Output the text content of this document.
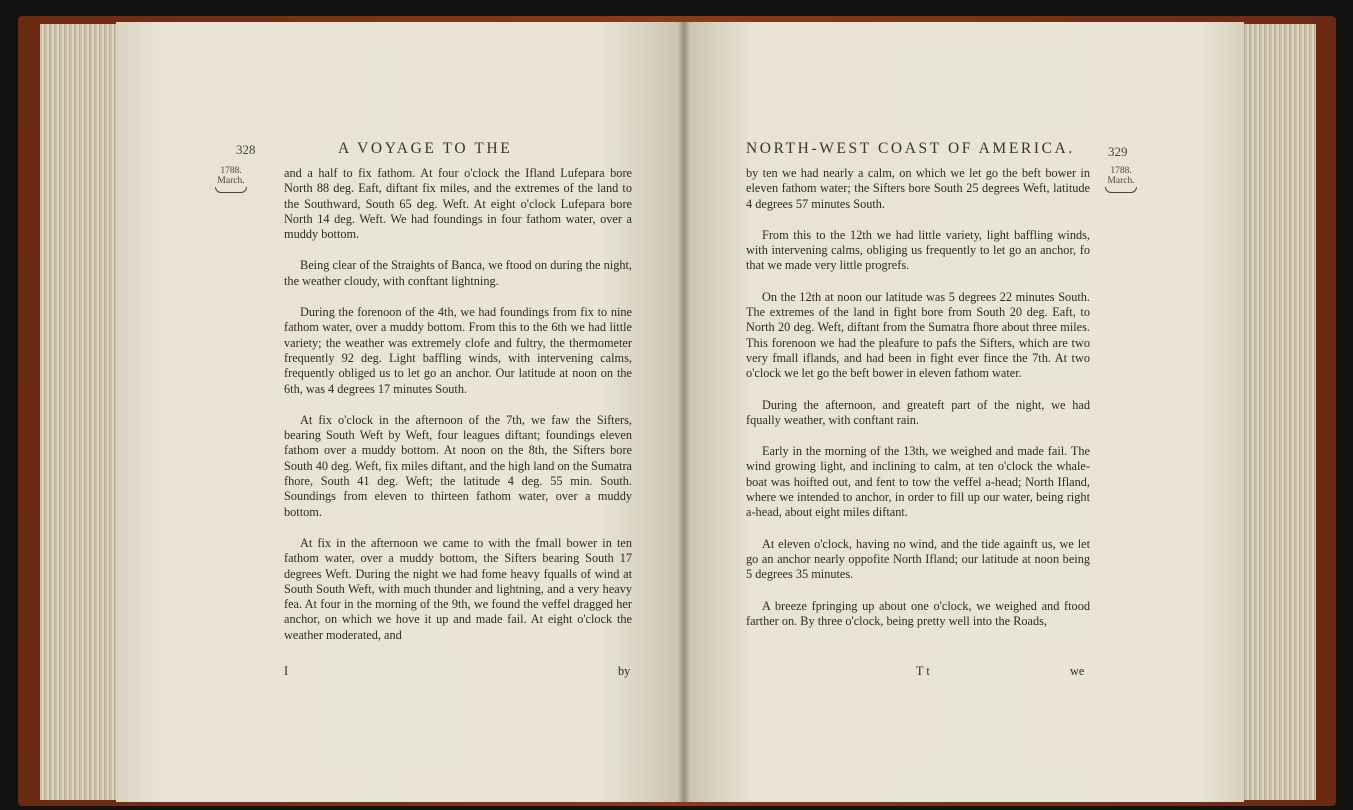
328	A VOYAGE TO THE
1788.
March.

and a half to fix fathom. At four o'clock the Ifland Lufepara bore North 88 deg. Eaft, diftant fix miles, and the extremes of the land to the Southward, South 65 deg. Weft. At eight o'clock Lufepara bore North 14 deg. Weft. We had foundings in four fathom water, over a muddy bottom.

Being clear of the Straights of Banca, we ftood on during the night, the weather cloudy, with conftant lightning.

During the forenoon of the 4th, we had foundings from fix to nine fathom water, over a muddy bottom. From this to the 6th we had little variety; the weather was extremely clofe and fultry, the thermometer frequently 92 deg. Light baffling winds, with intervening calms, frequently obliged us to let go an anchor. Our latitude at noon on the 6th, was 4 degrees 17 minutes South.

At fix o'clock in the afternoon of the 7th, we faw the Sifters, bearing South Weft by Weft, four leagues diftant; foundings eleven fathom over a muddy bottom. At noon on the 8th, the Sifters bore South 40 deg. Weft, fix miles diftant, and the high land on the Sumatra fhore, South 41 deg. Weft; the latitude 4 deg. 55 min. South. Soundings from eleven to thirteen fathom water, over a muddy bottom.

At fix in the afternoon we came to with the fmall bower in ten fathom water, over a muddy bottom, the Sifters bearing South 17 degrees Weft. During the night we had fome heavy fqualls of wind at South South Weft, with much thunder and lightning, and a very heavy fea. At four in the morning of the 9th, we found the veffel dragged her anchor, on which we hove it up and made fail. At eight o'clock the weather moderated, and

I	by
NORTH-WEST COAST OF AMERICA.	329
1788.
March.

by ten we had nearly a calm, on which we let go the beft bower in eleven fathom water; the Sifters bore South 25 degrees Weft, latitude 4 degrees 57 minutes South.

From this to the 12th we had little variety, light baffling winds, with intervening calms, obliging us frequently to let go an anchor, fo that we made very little progrefs.

On the 12th at noon our latitude was 5 degrees 22 minutes South. The extremes of the land in fight bore from South 20 deg. Eaft, to North 20 deg. Weft, diftant from the Sumatra fhore about three miles. This forenoon we had the pleafure to pafs the Sifters, which are two very fmall iflands, and had been in fight ever fince the 7th. At two o'clock we let go the beft bower in eleven fathom water.

During the afternoon, and greateft part of the night, we had fqually weather, with conftant rain.

Early in the morning of the 13th, we weighed and made fail. The wind growing light, and inclining to calm, at ten o'clock the whale-boat was hoifted out, and fent to tow the veffel a-head; North Ifland, where we intended to anchor, in order to fill up our water, being right a-head, about eight miles diftant.

At eleven o'clock, having no wind, and the tide againft us, we let go an anchor nearly oppofite North Ifland; our latitude at noon being 5 degrees 35 minutes.

A breeze fpringing up about one o'clock, we weighed and ftood farther on. By three o'clock, being pretty well into the Roads,

T t	we
